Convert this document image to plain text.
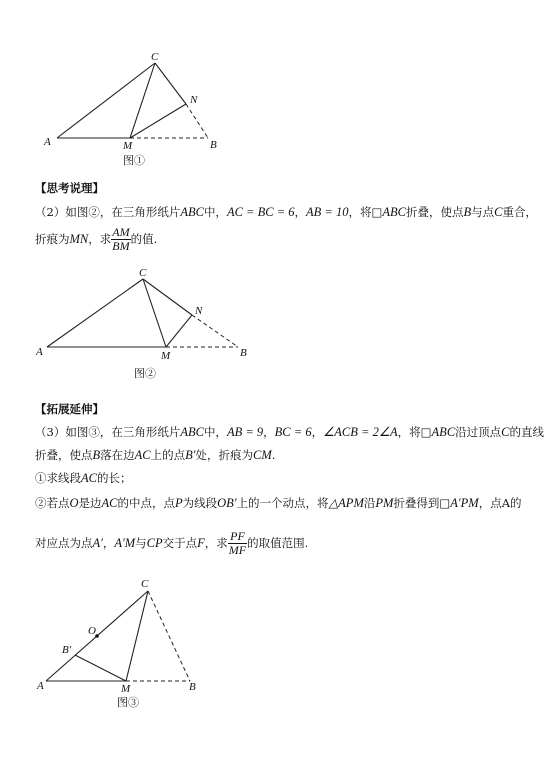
A
C
N
M	B
图①
【思考说理】
（2）如图②，在三角形纸片ABC中，AC = BC = 6，AB = 10，将□ABC折叠，使点B与点C重合，
折痕为 MN ，求 $\frac{AM}{BM}$ 的值.
A
C
N
M	B
图②
【拓展延伸】
（3）如图③，在三角形纸片ABC中，AB = 9，BC = 6，∠ACB = 2∠A，将□ABC沿过顶点C的直线
折叠，使点B落在边AC上的点B′处，折痕为CM.
①求线段AC的长；
②若点O是边AC的中点，点P为线段OB′上的一个动点，将△APM沿PM折叠得到□A′PM，点A的
对应点为点 A′ ， A′M 与 CP 交于点 F ，求 $\frac{PF}{MF}$ 的取值范围.
A
C
O
B'
M	B
图③
